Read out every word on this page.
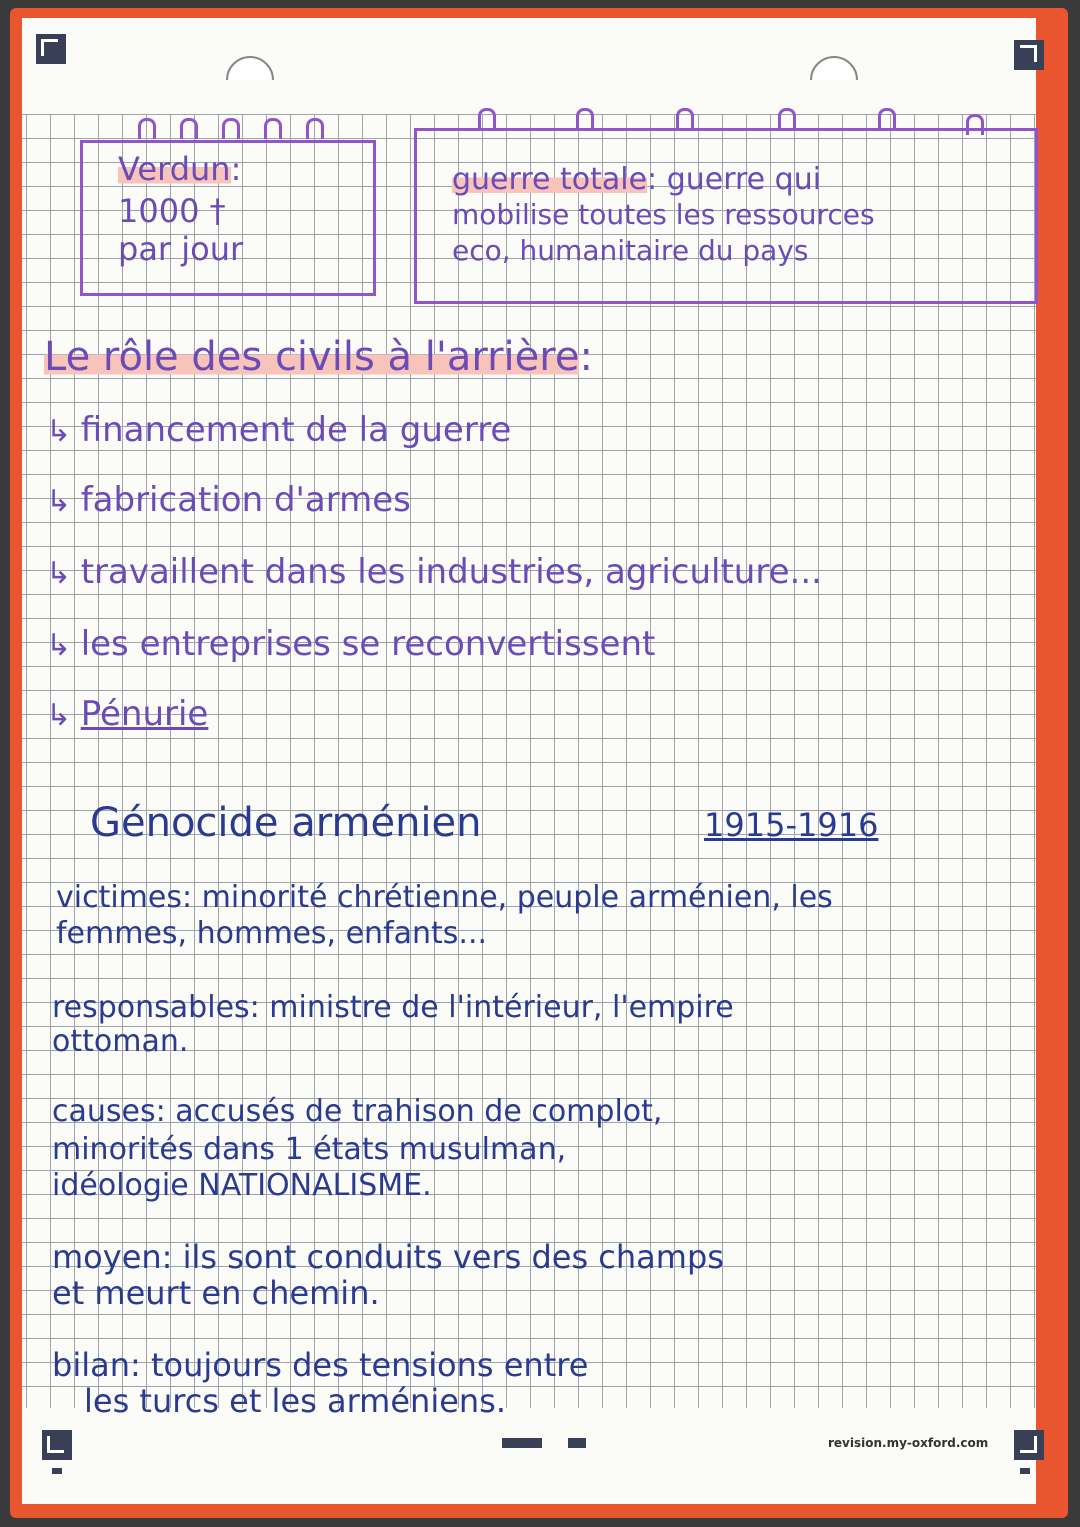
Verdun:
1000 †
par jour
guerre totale: guerre qui
mobilise toutes les ressources
eco, humanitaire du pays
Le rôle des civils à l'arrière:
↳ financement de la guerre
↳ fabrication d'armes
↳ travaillent dans les industries, agriculture...
↳ les entreprises se reconvertissent
↳ Pénurie
Génocide arménien	1915-1916
victimes: minorité chrétienne, peuple arménien, les
femmes, hommes, enfants...
responsables: ministre de l'intérieur, l'empire
ottoman.
causes: accusés de trahison de complot,
minorités dans 1 états musulman,
idéologie NATIONALISME.
moyen: ils sont conduits vers des champs
et meurt en chemin.
bilan: toujours des tensions entre
les turcs et les arméniens.
revision.my-oxford.com
